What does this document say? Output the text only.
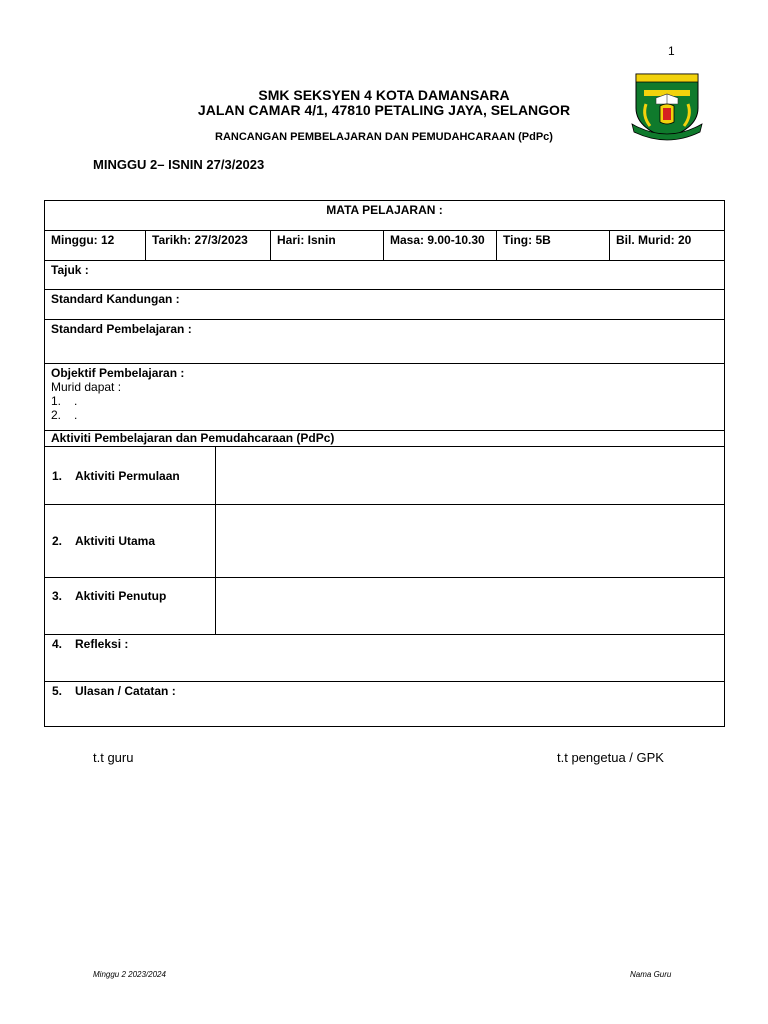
1
SMK SEKSYEN 4 KOTA DAMANSARA
JALAN CAMAR 4/1, 47810 PETALING JAYA, SELANGOR
RANCANGAN PEMBELAJARAN DAN PEMUDAHCARAAN (PdPc)
MINGGU 2– ISNIN 27/3/2023
MATA PELAJARAN :						
Minggu: 12	Tarikh: 27/3/2023		Hari: Isnin	Masa: 9.00-10.30	Ting: 5B	Bil. Murid: 20
Tajuk :						
Standard Kandungan :						
Standard Pembelajaran :						

Objektif Pembelajaran :
Murid dapat :
1. .
2. .						

Aktiviti Pembelajaran dan Pemudahcaraan (PdPc)						
1. Aktiviti Permulaan						
2. Aktiviti Utama						
3. Aktiviti Penutup						
4. Refleksi :						
5. Ulasan / Catatan :						
t.t guru	t.t pengetua / GPK
Minggu 2 2023/2024	Nama Guru
